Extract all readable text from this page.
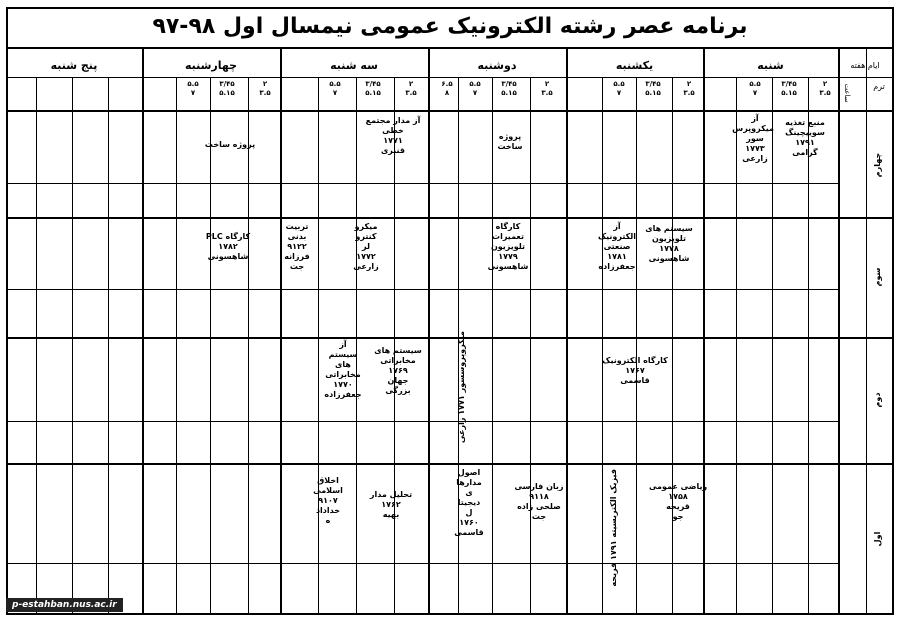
برنامه عصر رشته الکترونیک عمومی نیمسال اول ۹۸-۹۷
شنبه
یکشنبه
دوشنبه
سه شنبه
چهارشنبه
پنج شنبه	ایام هفته
ترم
ساعت
۲
۳.۵
۳/۴۵
۵.۱۵
۵.۵
۷
۲
۳.۵
۳/۴۵
۵.۱۵
۵.۵
۷
۲
۳.۵
۳/۴۵
۵.۱۵
۵.۵
۷
۶.۵
۸
۲
۳.۵
۳/۴۵
۵.۱۵
۵.۵
۷
۲
۳.۵
۳/۴۵
۵.۱۵
۵.۵
۷
چهارم
سوم
دوم
اول
منبع تغذیه
سوییچینگ
۱۷۹۱
گرامی
آز
میکروپرس
سور
۱۷۷۳
زارعی
پروژه
ساخت
آز مدار مجتمع
خطی
۱۷۷۱
قنبری
پروژه ساخت
سیستم های
تلویزیون
۱۷۷۸
شاهسونی
آز
الکترونیک
صنعتی
۱۷۸۱
جعفرزاده
کارگاه
تعمیرات
تلویزیون
۱۷۷۹
شاهسونی
میکرو
کنترو
لر
۱۷۷۲
زارعی
تربیت
بدنی
۹۱۲۲
فرزانه
جت
کارگاه PLC
۱۷۸۲
شاهسونی
کارگاه الکترونیک
۱۷۶۷
قاسمی
میکروپروسسور ۱۷۷۱ زارعی
سیستم های
مخابراتی
۱۷۶۹
جهان
بزرگی
آز
سیستم
های
مخابراتی
۱۷۷۰
جعفرزاده
ریاضی عمومی
۱۷۵۸
قریحه
جو
فیزیک الکتریسیته ۱۷۹۱ قریحه
زبان فارسی
۹۱۱۸
صلحی زاده
جت
اصول
مدارها
ی
دیجیتا
ل
۱۷۶۰
قاسمی
تحلیل مدار
۱۷۶۲
بهیه
اخلاق
اسلامی
۹۱۰۷
خداداد
ه
p-estahban.nus.ac.ir
